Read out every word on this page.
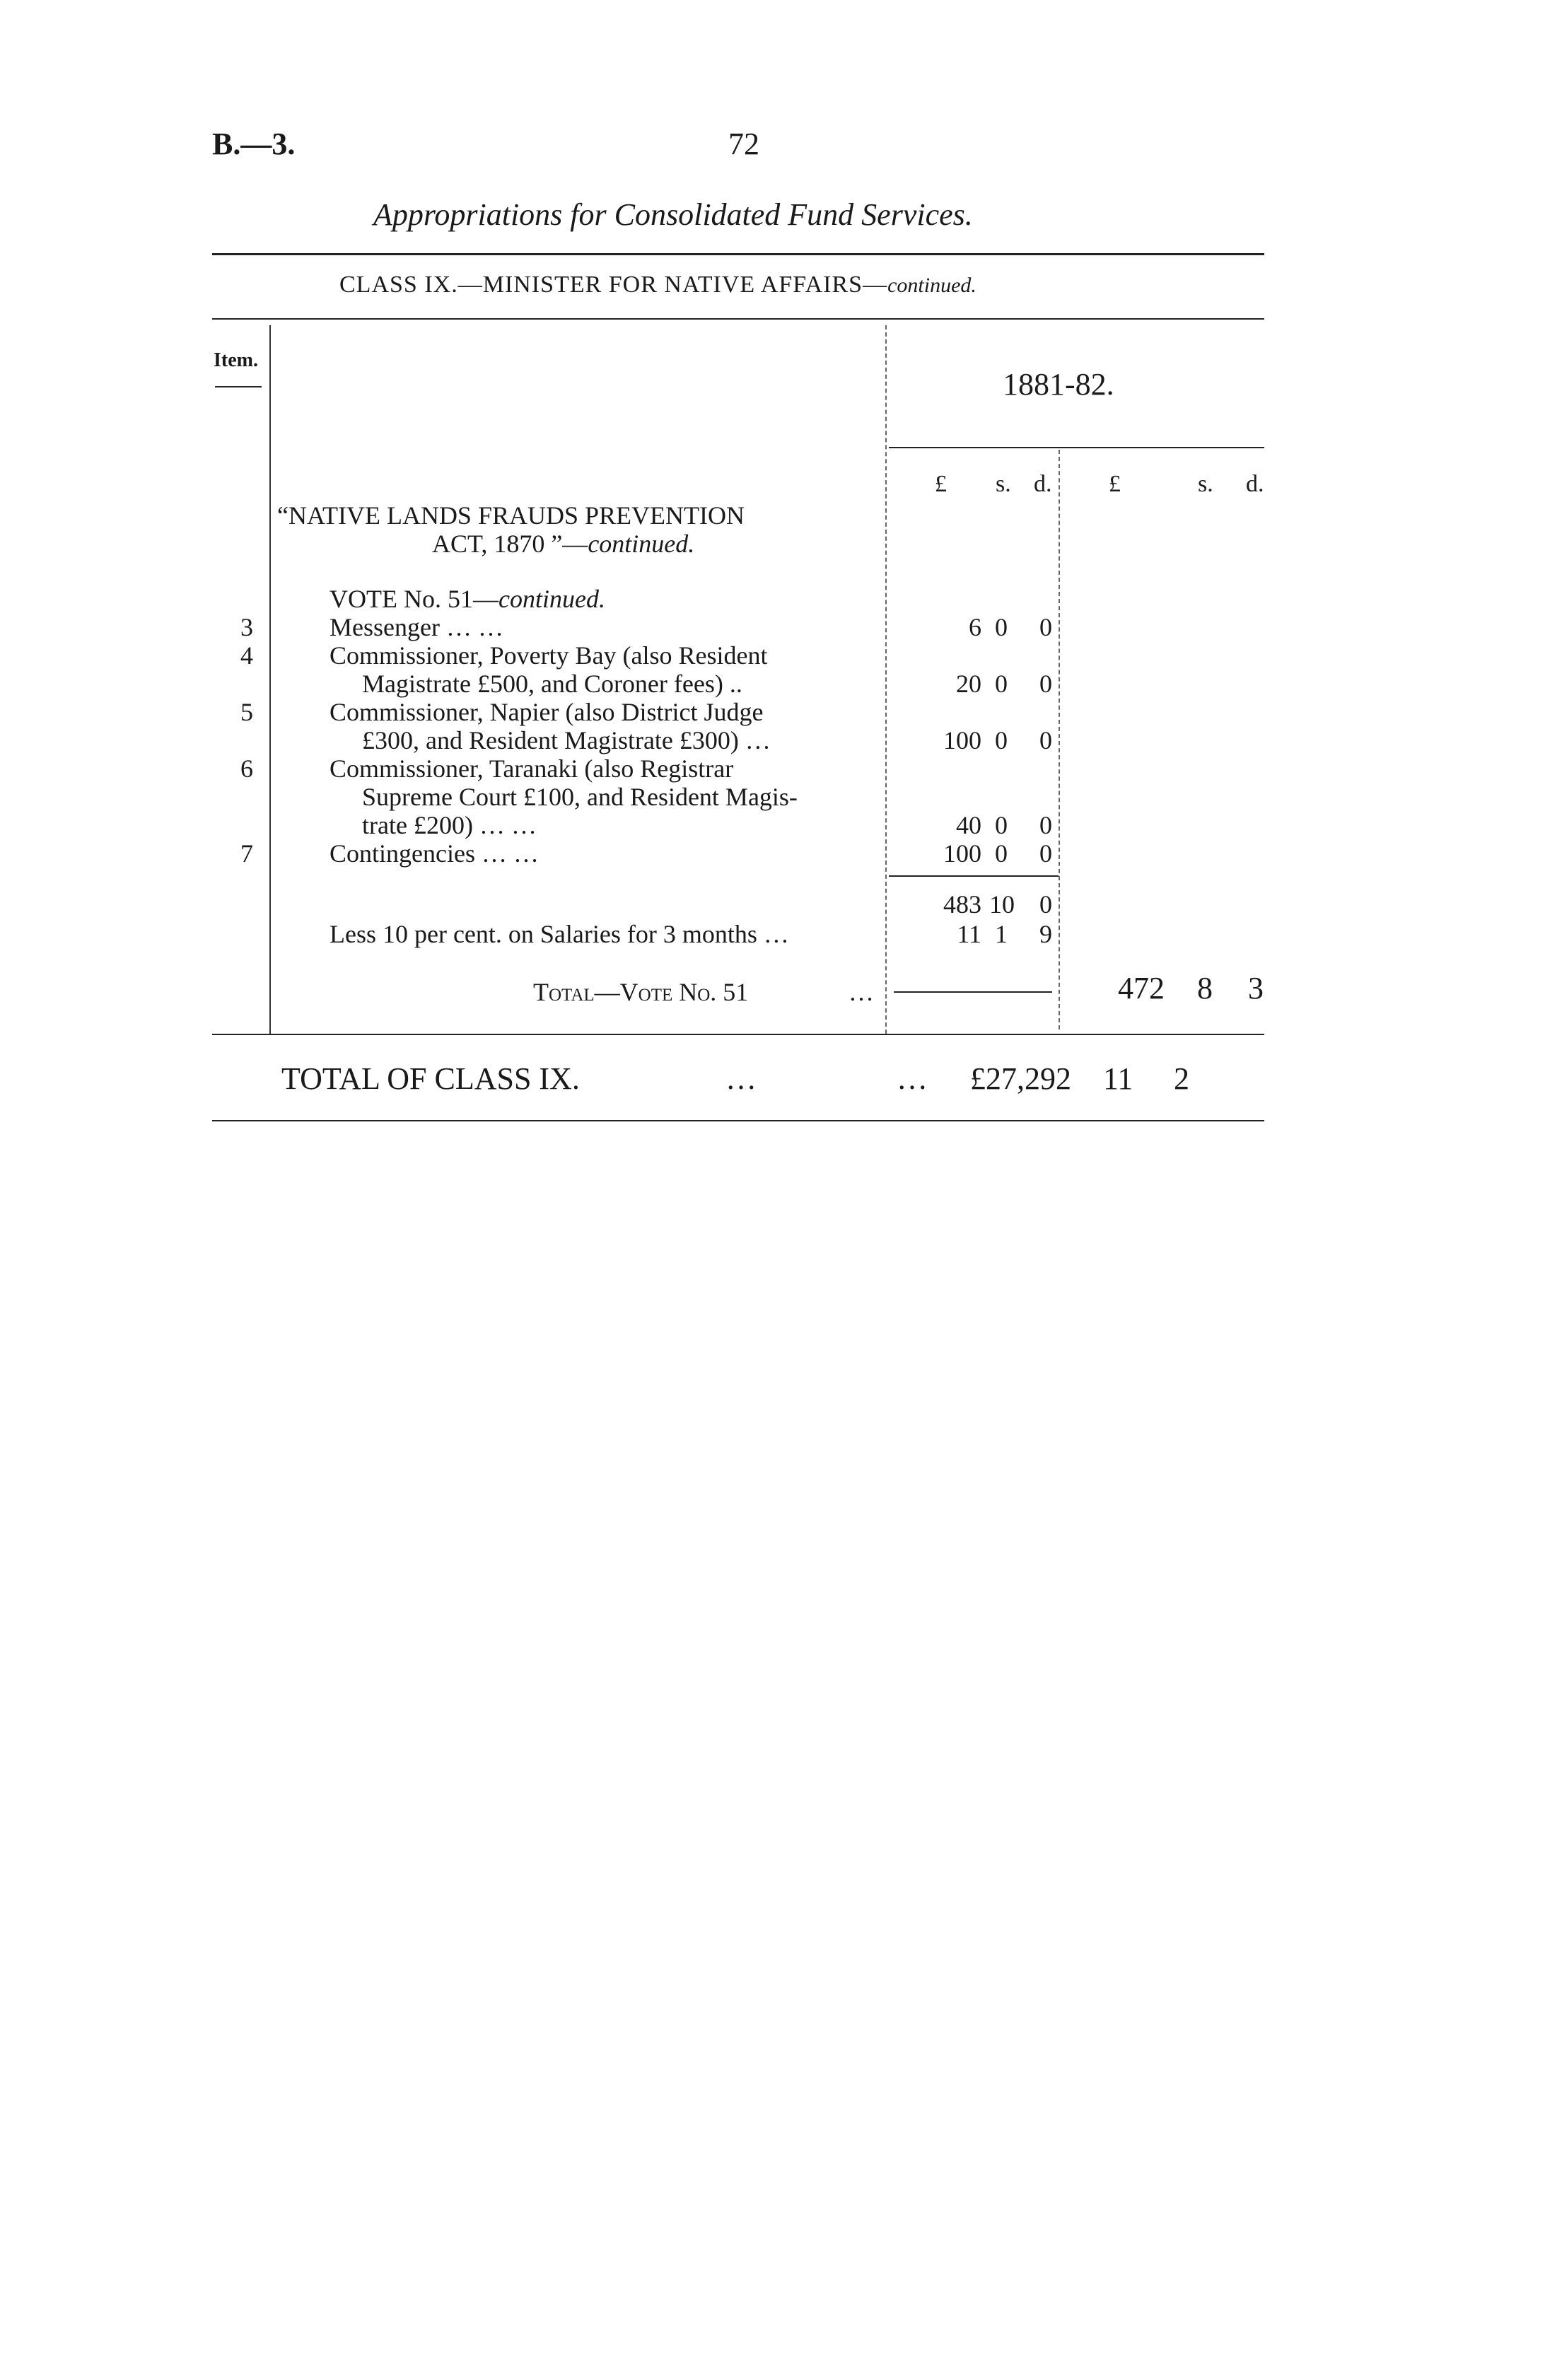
B.—3.	72
Appropriations for Consolidated Fund Services.
CLASS IX.—MINISTER FOR NATIVE AFFAIRS—continued.
Item.
1881-82.
£ s. d. £	s. d.
“NATIVE LANDS FRAUDS PREVENTION
ACT, 1870 ”—continued.
VOTE No. 51—continued.
3	Messenger … …	6 0 0
4	Commissioner, Poverty Bay (also Resident
Magistrate £500, and Coroner fees) ..	20 0 0
5	Commissioner, Napier (also District Judge
£300, and Resident Magistrate £300) …	100 0 0
6	Commissioner, Taranaki (also Registrar
Supreme Court £100, and Resident Magis-
trate £200) … …	40 0 0
7	Contingencies … …	100 0 0
483 10 0
Less 10 per cent. on Salaries for 3 months …	11 1 9
Total—Vote No. 51	…	472 8 3
TOTAL OF CLASS IX.	…	… £27,292 11 2
